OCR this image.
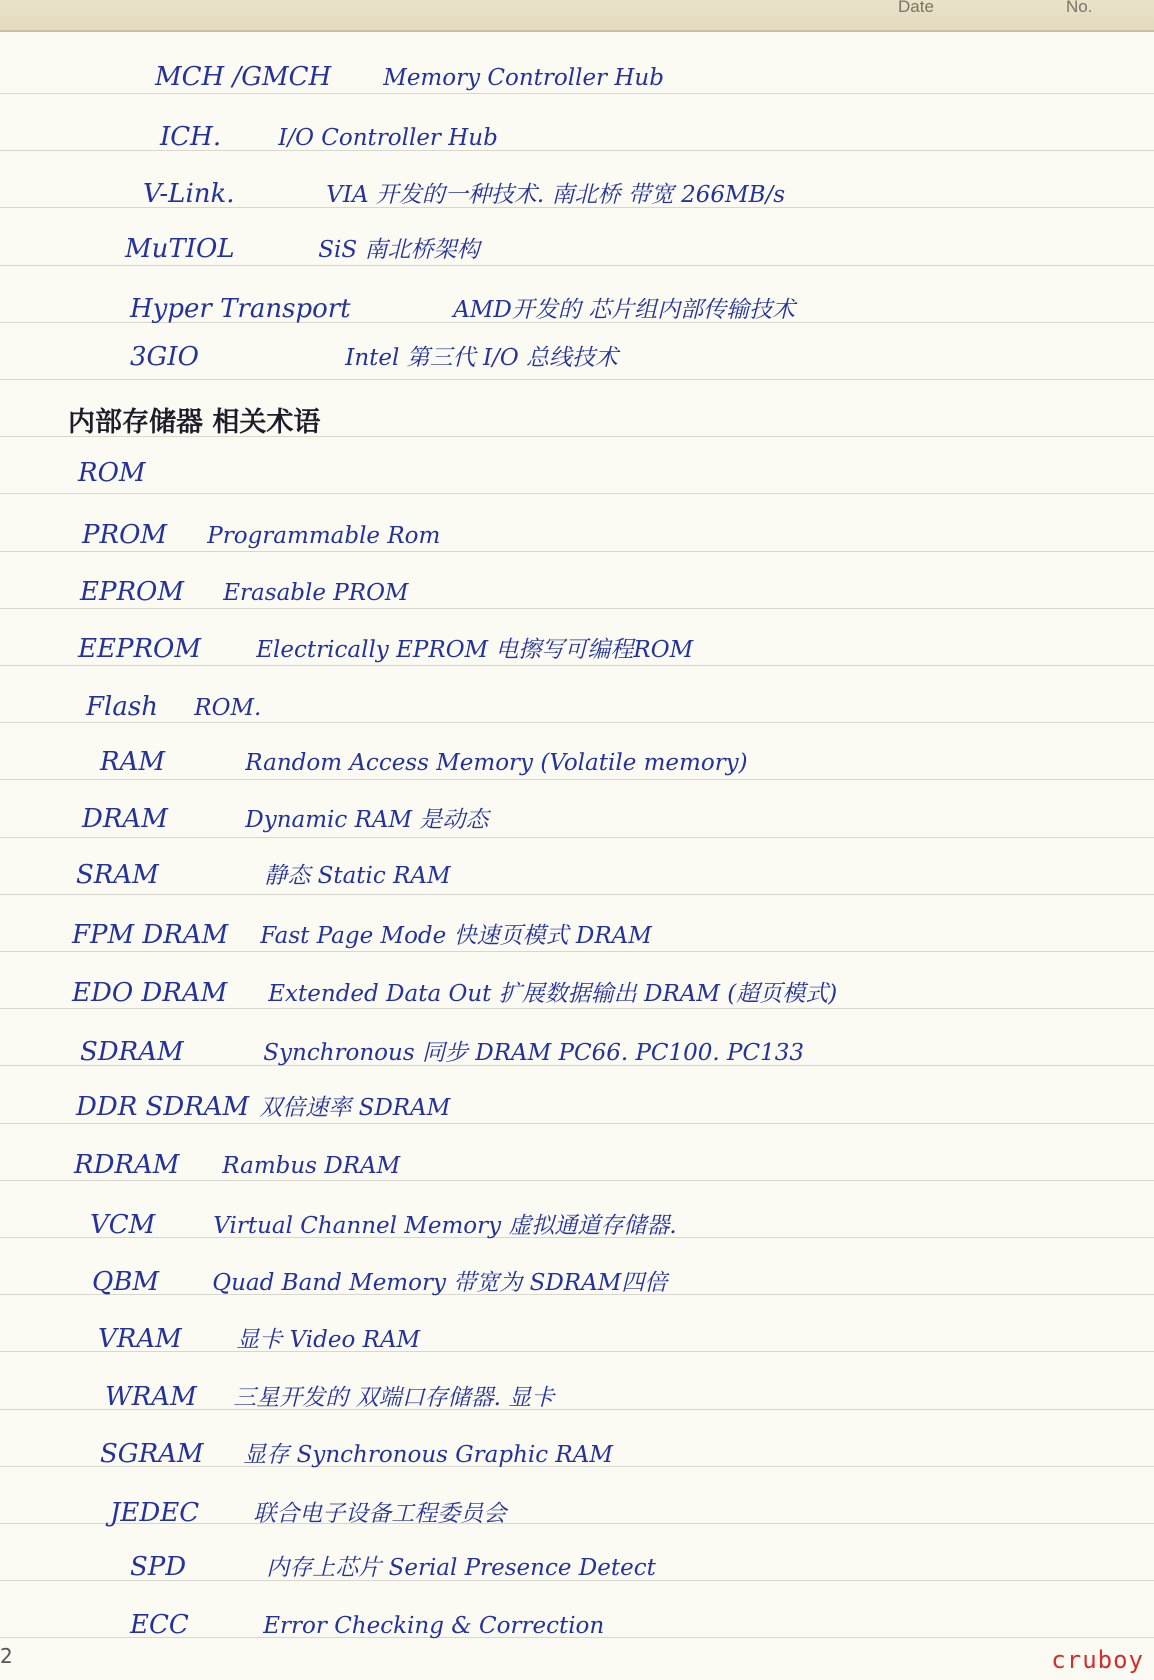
Date	No.
MCH /GMCH Memory Controller Hub
ICH. I/O Controller Hub
V-Link.	VIA 开发的一种技术. 南北桥 带宽 266MB/s
MuTIOL	SiS 南北桥架构
Hyper Transport	AMD开发的 芯片组内部传输技术
3GIO	Intel 第三代 I/O 总线技术
内部存储器 相关术语
ROM
PROM Programmable Rom
EPROM Erasable PROM
EEPROM Electrically EPROM 电擦写可编程ROM
Flash ROM.
RAM	Random Access Memory (Volatile memory)
DRAM	Dynamic RAM 是动态
SRAM	静态 Static RAM
FPM DRAM Fast Page Mode 快速页模式 DRAM
EDO DRAM Extended Data Out 扩展数据输出 DRAM (超页模式)
SDRAM	Synchronous 同步 DRAM PC66. PC100. PC133
DDR SDRAM 双倍速率 SDRAM
RDRAM Rambus DRAM
VCM	Virtual Channel Memory 虚拟通道存储器.
QBM Quad Band Memory 带宽为 SDRAM四倍
VRAM 显卡 Video RAM
WRAM 三星开发的 双端口存储器. 显卡
SGRAM 显存 Synchronous Graphic RAM
JEDEC 联合电子设备工程委员会
SPD	内存上芯片 Serial Presence Detect
ECC	Error Checking & Correction
2	cruboy
